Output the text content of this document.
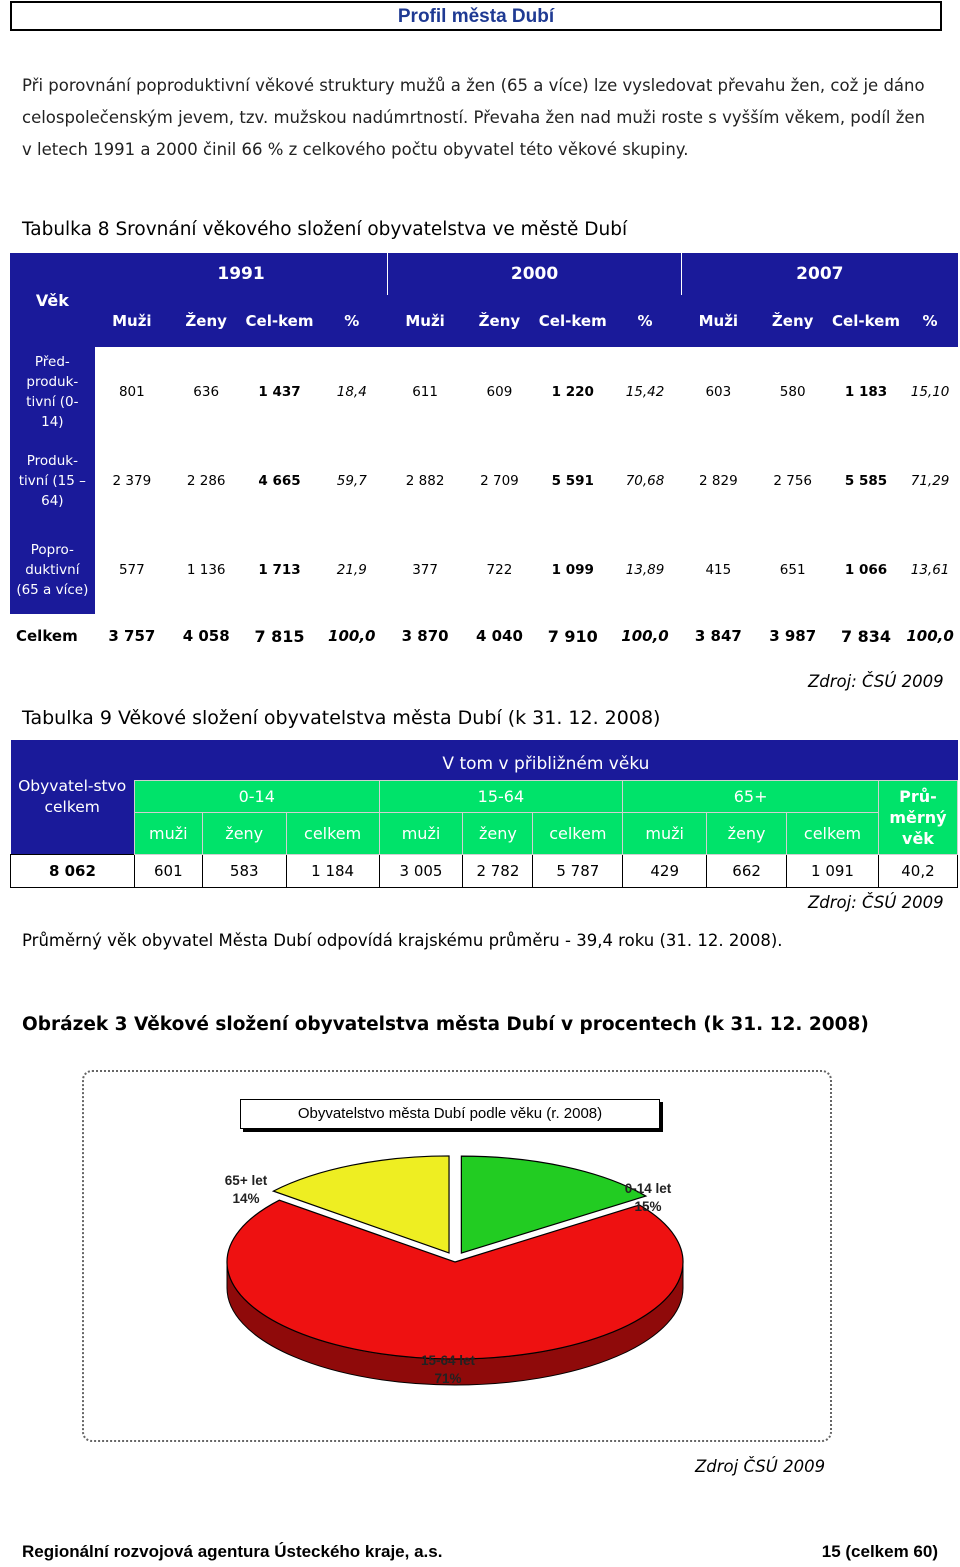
Profil města Dubí

Při porovnání poproduktivní věkové struktury mužů a žen (65 a více) lze vysledovat převahu žen, což je dáno celospolečenským jevem, tzv. mužskou nadúmrtností. Převaha žen nad muži roste s vyšším věkem, podíl žen v letech 1991 a 2000 činil 66 % z celkového počtu obyvatel této věkové skupiny.

Tabulka 8 Srovnání věkového složení obyvatelstva ve městě Dubí
Věk	1991				2000				2007			
	Muži	Ženy	Cel-kem	%	Muži	Ženy	Cel-kem	%	Muži	Ženy	Cel-kem	%
Před-produk-tivní (0-14)	801	636	1 437	18,4	611	609	1 220	15,42	603	580	1 183	15,10
Produk-tivní (15 – 64)	2 379	2 286	4 665	59,7	2 882	2 709	5 591	70,68	2 829	2 756	5 585	71,29
Popro-duktivní (65 a více)	577	1 136	1 713	21,9	377	722	1 099	13,89	415	651	1 066	13,61
Celkem	3 757	4 058	7 815	100,0	3 870	4 040	7 910	100,0	3 847	3 987	7 834	100,0
Zdroj: ČSÚ 2009
Tabulka 9 Věkové složení obyvatelstva města Dubí (k 31. 12. 2008)
Obyvatel-stvo celkem	V tom v přibližném věku									
	0-14			15-64			65+			Prů-měrný věk
	muži	ženy	celkem	muži	ženy	celkem	muži	ženy	celkem	
8 062	601	583	1 184	3 005	2 782	5 787	429	662	1 091	40,2
Zdroj: ČSÚ 2009
Průměrný věk obyvatel Města Dubí odpovídá krajskému průměru - 39,4 roku (31. 12. 2008).
Obrázek 3 Věkové složení obyvatelstva města Dubí v procentech (k 31. 12. 2008)
Obyvatelstvo města Dubí podle věku (r. 2008)
65+ let
14%
0-14 let
15%
15-64 let
71%
Zdroj ČSÚ 2009
Regionální rozvojová agentura Ústeckého kraje, a.s.	15 (celkem 60)
